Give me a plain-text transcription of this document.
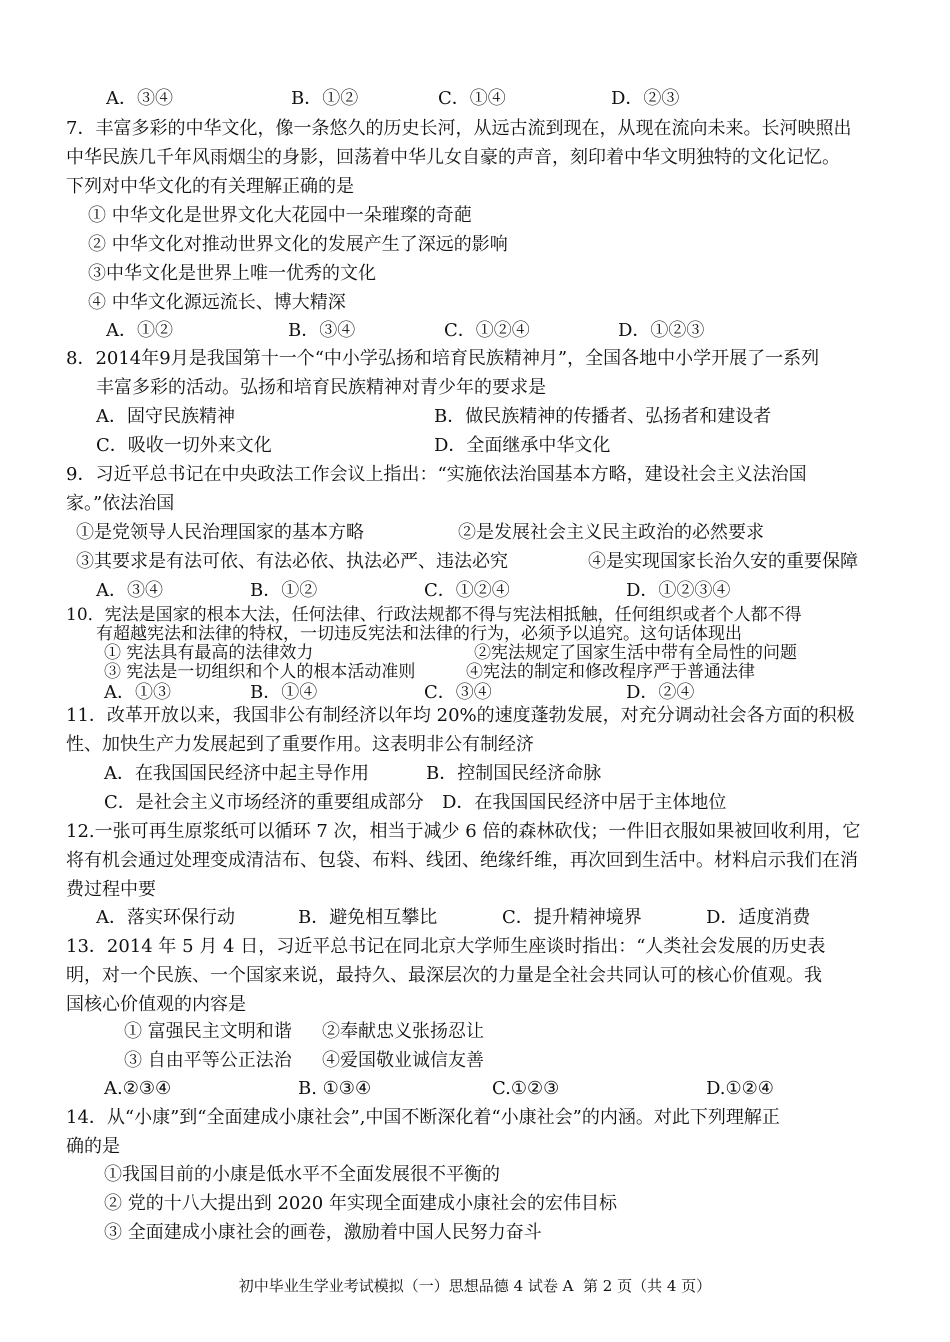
A．③④	B．①②	C．①④	D．②③
7．丰富多彩的中华文化，像一条悠久的历史长河，从远古流到现在，从现在流向未来。长河映照出
中华民族几千年风雨烟尘的身影，回荡着中华儿女自豪的声音，刻印着中华文明独特的文化记忆。
下列对中华文化的有关理解正确的是
① 中华文化是世界文化大花园中一朵璀璨的奇葩
② 中华文化对推动世界文化的发展产生了深远的影响
③中华文化是世界上唯一优秀的文化
④ 中华文化源远流长、博大精深
A．①②	B．③④	C．①②④	D．①②③
8．2014年9月是我国第十一个“中小学弘扬和培育民族精神月”，全国各地中小学开展了一系列
丰富多彩的活动。弘扬和培育民族精神对青少年的要求是
A．固守民族精神	B．做民族精神的传播者、弘扬者和建设者
C．吸收一切外来文化	D．全面继承中华文化
9．习近平总书记在中央政法工作会议上指出：“实施依法治国基本方略，建设社会主义法治国
家。”依法治国
①是党领导人民治理国家的基本方略	②是发展社会主义民主政治的必然要求
③其要求是有法可依、有法必依、执法必严、违法必究	④是实现国家长治久安的重要保障
A．③④	B．①②	C．①②④	D．①②③④
10．宪法是国家的根本大法，任何法律、行政法规都不得与宪法相抵触，任何组织或者个人都不得
有超越宪法和法律的特权，一切违反宪法和法律的行为，必须予以追究。这句话体现出
① 宪法具有最高的法律效力	②宪法规定了国家生活中带有全局性的问题
③ 宪法是一切组织和个人的根本活动准则	④宪法的制定和修改程序严于普通法律
A．①③	B．①④	C．③④	D．②④
11．改革开放以来，我国非公有制经济以年均 20%的速度蓬勃发展，对充分调动社会各方面的积极
性、加快生产力发展起到了重要作用。这表明非公有制经济
A．在我国国民经济中起主导作用	B．控制国民经济命脉
C．是社会主义市场经济的重要组成部分 D．在我国国民经济中居于主体地位
12.一张可再生原浆纸可以循环 7 次，相当于减少 6 倍的森林砍伐；一件旧衣服如果被回收利用，它
将有机会通过处理变成清洁布、包袋、布料、线团、绝缘纤维，再次回到生活中。材料启示我们在消
费过程中要
A．落实环保行动	B．避免相互攀比	C．提升精神境界	D．适度消费
13．2014 年 5 月 4 日，习近平总书记在同北京大学师生座谈时指出：“人类社会发展的历史表
明，对一个民族、一个国家来说，最持久、最深层次的力量是全社会共同认可的核心价值观。我
国核心价值观的内容是
① 富强民主文明和谐 ②奉献忠义张扬忍让
③ 自由平等公正法治 ④爱国敬业诚信友善
A.②③④	B. ①③④	C.①②③	D.①②④
14．从“小康”到“全面建成小康社会”,中国不断深化着“小康社会”的内涵。对此下列理解正
确的是
①我国目前的小康是低水平不全面发展很不平衡的
② 党的十八大提出到 2020 年实现全面建成小康社会的宏伟目标
③ 全面建成小康社会的画卷，激励着中国人民努力奋斗
初中毕业生学业考试模拟（一）思想品德 4 试卷 A  第 2 页（共 4 页）
